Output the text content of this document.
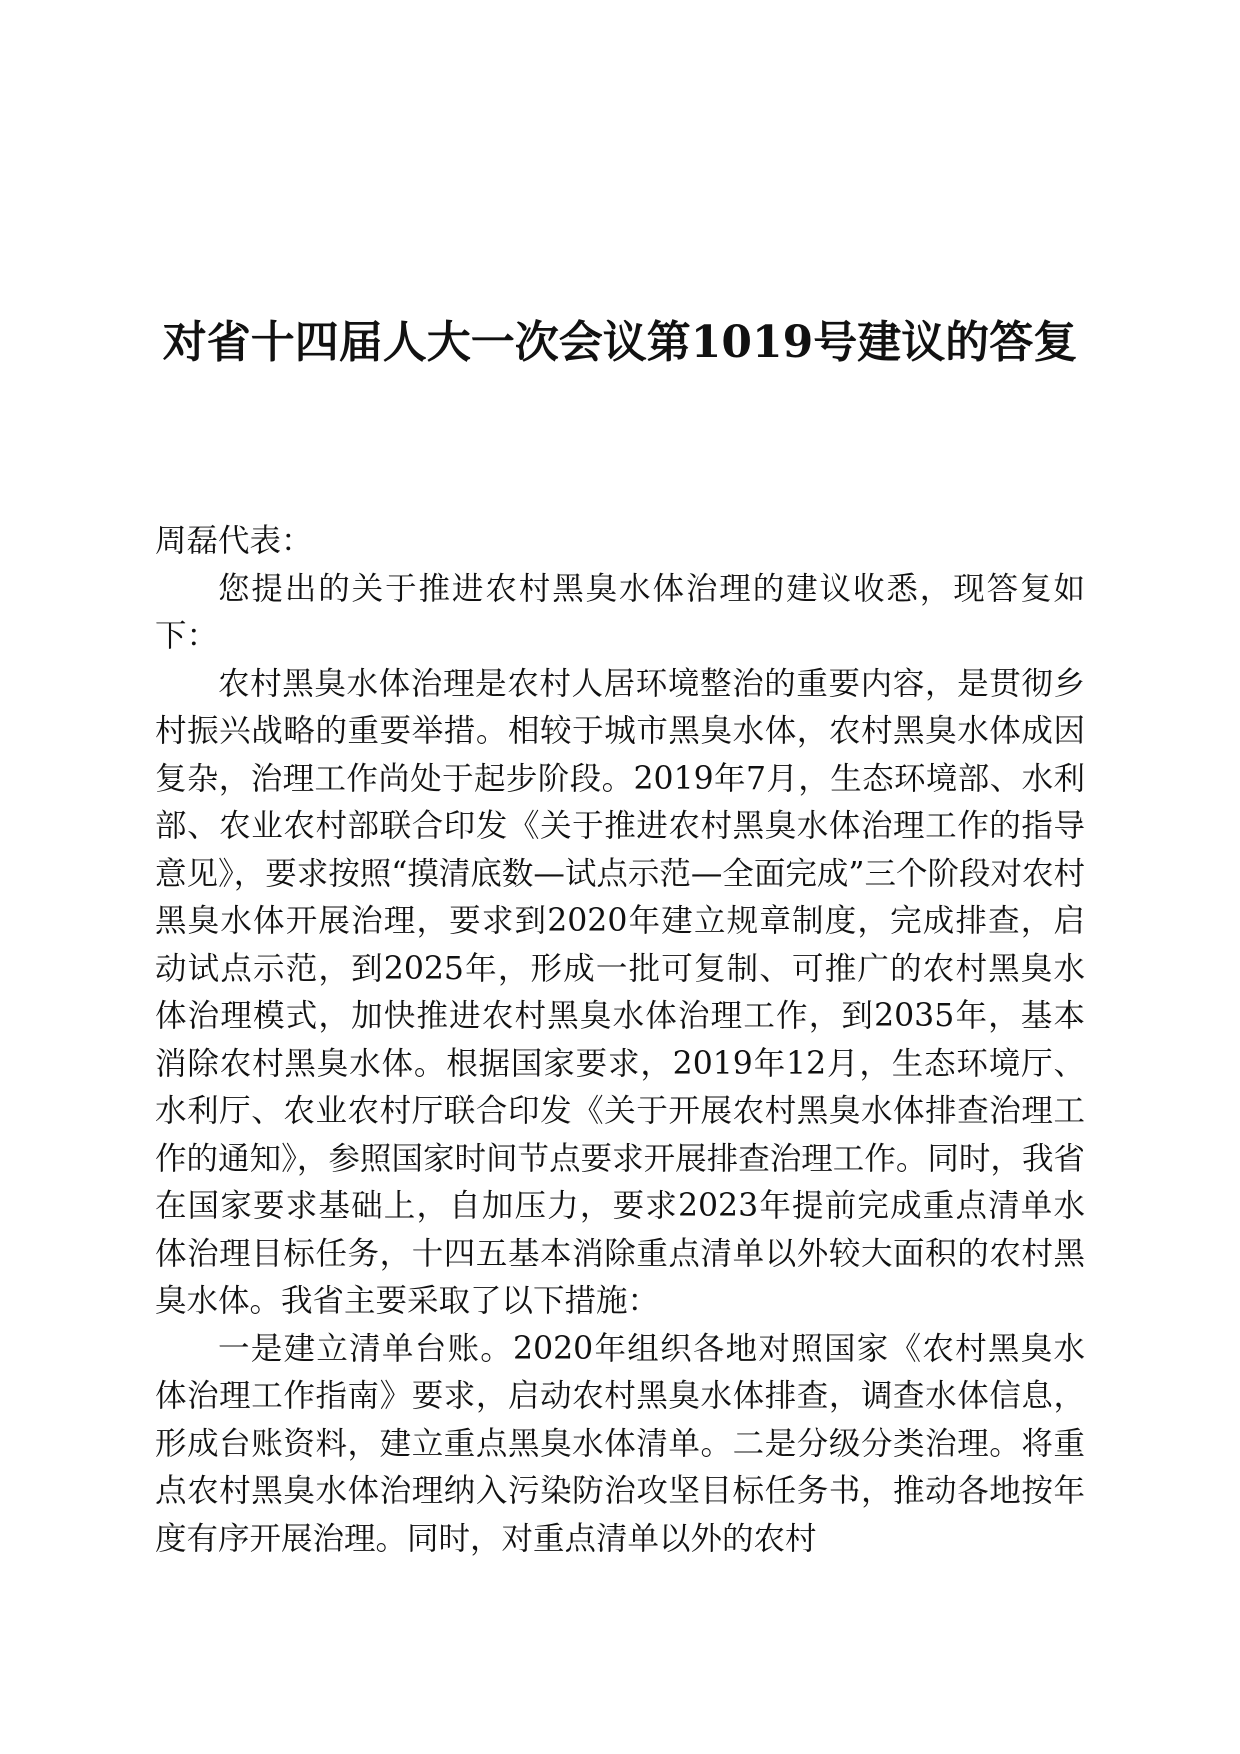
对省十四届人大一次会议第1019号建议的答复

周磊代表：

您提出的关于推进农村黑臭水体治理的建议收悉，现答复如下：

农村黑臭水体治理是农村人居环境整治的重要内容，是贯彻乡村振兴战略的重要举措。相较于城市黑臭水体，农村黑臭水体成因复杂，治理工作尚处于起步阶段。2019年7月，生态环境部、水利部、农业农村部联合印发《关于推进农村黑臭水体治理工作的指导意见》，要求按照“摸清底数—试点示范—全面完成”三个阶段对农村黑臭水体开展治理，要求到2020年建立规章制度，完成排查，启动试点示范，到2025年，形成一批可复制、可推广的农村黑臭水体治理模式，加快推进农村黑臭水体治理工作，到2035年，基本消除农村黑臭水体。根据国家要求，2019年12月，生态环境厅、水利厅、农业农村厅联合印发《关于开展农村黑臭水体排查治理工作的通知》，参照国家时间节点要求开展排查治理工作。同时，我省在国家要求基础上，自加压力，要求2023年提前完成重点清单水体治理目标任务，十四五基本消除重点清单以外较大面积的农村黑臭水体。我省主要采取了以下措施：

一是建立清单台账。2020年组织各地对照国家《农村黑臭水体治理工作指南》要求，启动农村黑臭水体排查，调查水体信息，形成台账资料，建立重点黑臭水体清单。二是分级分类治理。将重点农村黑臭水体治理纳入污染防治攻坚目标任务书，推动各地按年度有序开展治理。同时，对重点清单以外的农村
